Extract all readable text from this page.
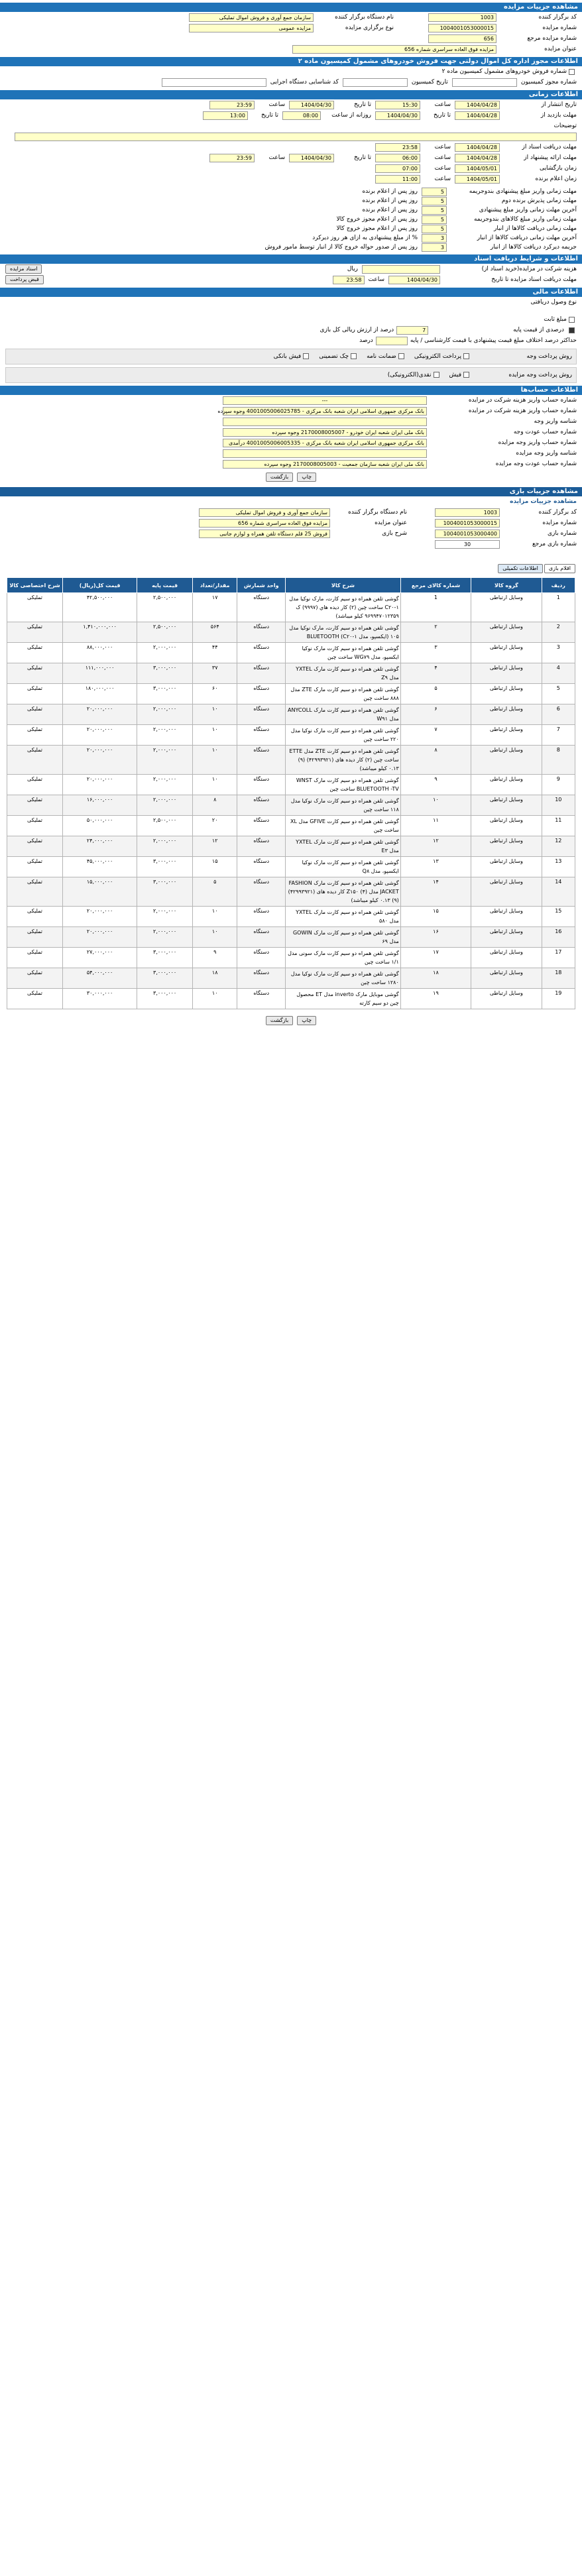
مشاهده جزییات مزایده
کد برگزار کننده
1003
نام دستگاه برگزار کننده
سازمان جمع آوری و فروش اموال تملیکی
شماره مزایده
1004001053000015
نوع برگزاری مزایده
مزایده عمومی
شماره مزایده مرجع
656
عنوان مزایده
مزایده فوق العاده سراسری شماره 656
اطلاعات مجوز اداره کل اموال دولتی جهت فروش خودروهای مشمول کمیسیون ماده ۲
شماره فروش خودروهای مشمول کمیسیون ماده ۲
شماره مجوز کمیسیون
تاریخ کمیسیون
کد شناسایی دستگاه اجرایی
اطلاعات زمانی
تاریخ انتشار از
1404/04/28
ساعت
15:30
تا تاریخ
1404/04/30
ساعت
23:59
مهلت بازدید از
1404/04/28
تا تاریخ
1404/04/30
روزانه از ساعت
08:00
تا تاریخ
13:00
توضیحات
مهلت دریافت اسناد از
1404/04/28
ساعت
23:58
مهلت ارائه پیشنهاد از
1404/04/28
ساعت
06:00
تا تاریخ
1404/04/30
ساعت
23:59
زمان بازگشایی
1404/05/01
ساعت
07:00
زمان اعلام برنده
1404/05/01
ساعت
11:00
مهلت زمانی واریز مبلغ پیشنهادی بندوجریمه
5
روز پس از اعلام برنده
مهلت زمانی پذیرش برنده دوم
5
روز پس از اعلام برنده
آخرین مهلت زمانی واریز مبلغ پیشنهادی
5
روز پس از اعلام برنده
مهلت زمانی واریز مبلغ کالاهای بندوجریمه
5
روز پس از اعلام مجوز خروج کالا
مهلت زمانی دریافت کالاها از انبار
5
روز پس از اعلام مجوز خروج کالا
آخرین مهلت زمانی دریافت کالاها از انبار
3
% از مبلغ پیشنهادی به ازای هر روز دیرکرد
جریمه دیرکرد دریافت کالاها از انبار
3
روز پس از صدور حواله خروج کالا از انبار توسط مامور فروش
اطلاعات و شرایط دریافت اسناد
هزینه شرکت در مزایده(خرید اسناد از)
ریال
اسناد مزایده
مهلت دریافت اسناد مزایده تا تاریخ
1404/04/30
ساعت
23:58
قبض پرداخت
اطلاعات مالی
نوع وصول دریافتی
مبلغ ثابت
درصدی از قیمت پایه
7
درصد از ارزش ریالی کل بازی
حداکثر درصد اختلاف مبلغ قیمت پیشنهادی با قیمت کارشناسی / پایه
درصد
روش پرداخت وجه
پرداخت الکترونیکی
ضمانت نامه
چک تضمینی
فیش بانکی
روش پرداخت وجه مزایده
فیش
نقدی(الکترونیکی)
اطلاعات حساب‌ها
شماره حساب واریز هزینه شرکت در مزایده
---
شماره حساب واریز هزینه شرکت در مزایده
بانک مرکزی جمهوری اسلامی ایران شعبه بانک مرکزی - 4001005006025785 وجوه سپرده
شناسه واریز وجه
شماره حساب عودت وجه
بانک ملی ایران شعبه ایران خودرو - 2170008005007 وجوه سپرده
شماره حساب واریز وجه مزایده
بانک مرکزی جمهوری اسلامی ایران شعبه بانک مرکزی - 4001005006005335 درآمدی
شناسه واریز وجه مزایده
شماره حساب عودت وجه مزایده
بانک ملی ایران شعبه سازمان جمعیت - 2170008005003 وجوه سپرده
چاپ
بازگشت
مشاهده جزییات بازی
مشاهده جزییات مزایده
کد برگزار کننده
1003
نام دستگاه برگزار کننده
سازمان جمع آوری و فروش اموال تملیکی
شماره مزایده
1004001053000015
عنوان مزایده
مزایده فوق العاده سراسری شماره 656
شماره بازی
1004001053000400
شرح بازی
فروش 25 قلم دستگاه تلفن همراه و لوازم جانبی
شماره بازی مرجع
30
اقلام بازی
اطلاعات تکمیلی
ردیف	گروه کالا	شماره کالای مرجع	شرح کالا	واحد شمارش	مقدار/تعداد	قیمت پایه	قیمت کل(ریال)	شرح اختصاصی کالا
1	وسایل ارتباطی	1	گوشی تلفن همراه دو سیم کارت، مارک نوکیا مدل C۲۰-۱ ساخت چین (۲) کار دیده هاي (۹۹۹۷) ک ۹۶۹۹۴۷۰۱۲۳۵۹ کیلو میباشد)	دستگاه	۱۷	۲,۵۰۰,۰۰۰	۴۲,۵۰۰,۰۰۰	تملیکی
2	وسایل ارتباطی	۲	گوشی تلفن همراه دو سیم کارت، مارک نوکیا مدل ۱۰۵ (ایکسپو، مدل C۲۰-۱) BLUETOOTH	دستگاه	۵۶۴	۲,۵۰۰,۰۰۰	۱,۴۱۰,۰۰۰,۰۰۰	تملیکی
3	وسایل ارتباطی	۳	گوشی تلفن همراه دو سیم کارت مارک نوکیا ایکسپو، مدل WG۷۹ ساخت چین	دستگاه	۴۴	۲,۰۰۰,۰۰۰	۸۸,۰۰۰,۰۰۰	تملیکی
4	وسایل ارتباطی	۴	گوشی تلفن همراه دو سیم کارت مارک YXTEL مدل Z۹	دستگاه	۳۷	۳,۰۰۰,۰۰۰	۱۱۱,۰۰۰,۰۰۰	تملیکی
5	وسایل ارتباطی	۵	گوشی تلفن همراه دو سیم کارت مارک ZTE مدل ۸۸۸ ساخت چین	دستگاه	۶۰	۳,۰۰۰,۰۰۰	۱۸۰,۰۰۰,۰۰۰	تملیکی
6	وسایل ارتباطی	۶	گوشی تلفن همراه دو سیم کارت مارک ANYCOLL مدل W۹۱	دستگاه	۱۰	۲,۰۰۰,۰۰۰	۲۰,۰۰۰,۰۰۰	تملیکی
7	وسایل ارتباطی	۷	گوشی تلفن همراه دو سیم کارت مارک نوکیا مدل ۲۲۰ ساخت چین	دستگاه	۱۰	۲,۰۰۰,۰۰۰	۲۰,۰۰۰,۰۰۰	تملیکی
8	وسایل ارتباطی	۸	گوشی تلفن همراه دو سیم کارت ZTE مدل ETTE ساخت چین (۲) کار دیده های (۴۲۹۹۳۹۲۱) (۹) ۰.۱۳ کیلو میباشد)	دستگاه	۱۰	۲,۰۰۰,۰۰۰	۲۰,۰۰۰,۰۰۰	تملیکی
9	وسایل ارتباطی	۹	گوشی تلفن همراه دو سیم کارت مارک WNST BLUETOOTH -TV ساخت چین	دستگاه	۱۰	۲,۰۰۰,۰۰۰	۲۰,۰۰۰,۰۰۰	تملیکی
10	وسایل ارتباطی	۱۰	گوشی تلفن همراه دو سیم کارت مارک نوکیا مدل ۱۱۸ ساخت چین	دستگاه	۸	۲,۰۰۰,۰۰۰	۱۶,۰۰۰,۰۰۰	تملیکی
11	وسایل ارتباطی	۱۱	گوشی تلفن همراه دو سیم کارت GFIVE مدل XL ساخت چین	دستگاه	۲۰	۲,۵۰۰,۰۰۰	۵۰,۰۰۰,۰۰۰	تملیکی
12	وسایل ارتباطی	۱۲	گوشی تلفن همراه دو سیم کارت مارک YXTEL مدل E۳	دستگاه	۱۲	۲,۰۰۰,۰۰۰	۲۴,۰۰۰,۰۰۰	تملیکی
13	وسایل ارتباطی	۱۳	گوشی تلفن همراه دو سیم کارت مارک نوکیا ایکسپو، مدل Q۸	دستگاه	۱۵	۳,۰۰۰,۰۰۰	۴۵,۰۰۰,۰۰۰	تملیکی
14	وسایل ارتباطی	۱۴	گوشی تلفن همراه دو سیم کارت مارک FASHION JACKET مدل Z۱۵۰ (۴) کار دیده های (۴۲۹۹۳۹۲۱) (۹) ۰.۱۳ کیلو میباشد)	دستگاه	۵	۳,۰۰۰,۰۰۰	۱۵,۰۰۰,۰۰۰	تملیکی
15	وسایل ارتباطی	۱۵	گوشی تلفن همراه دو سیم کارت مارک YXTEL مدل ۵۸۰	دستگاه	۱۰	۲,۰۰۰,۰۰۰	۲۰,۰۰۰,۰۰۰	تملیکی
16	وسایل ارتباطی	۱۶	گوشی تلفن همراه دو سیم کارت مارک GOWIN مدل ۶۹	دستگاه	۱۰	۲,۰۰۰,۰۰۰	۲۰,۰۰۰,۰۰۰	تملیکی
17	وسایل ارتباطی	۱۷	گوشی تلفن همراه دو سیم کارت مارک سونی مدل ۱/۱ ساخت چین	دستگاه	۹	۳,۰۰۰,۰۰۰	۲۷,۰۰۰,۰۰۰	تملیکی
18	وسایل ارتباطی	۱۸	گوشی تلفن همراه دو سیم کارت مارک نوکیا مدل ۱۲۸۰ ساخت چین	دستگاه	۱۸	۳,۰۰۰,۰۰۰	۵۴,۰۰۰,۰۰۰	تملیکی
19	وسایل ارتباطی	۱۹	گوشی موبایل مارک inverto مدل ET محصول چین دو سیم کارته	دستگاه	۱۰	۳,۰۰۰,۰۰۰	۳۰,۰۰۰,۰۰۰	تملیکی
چاپ
بازگشت
